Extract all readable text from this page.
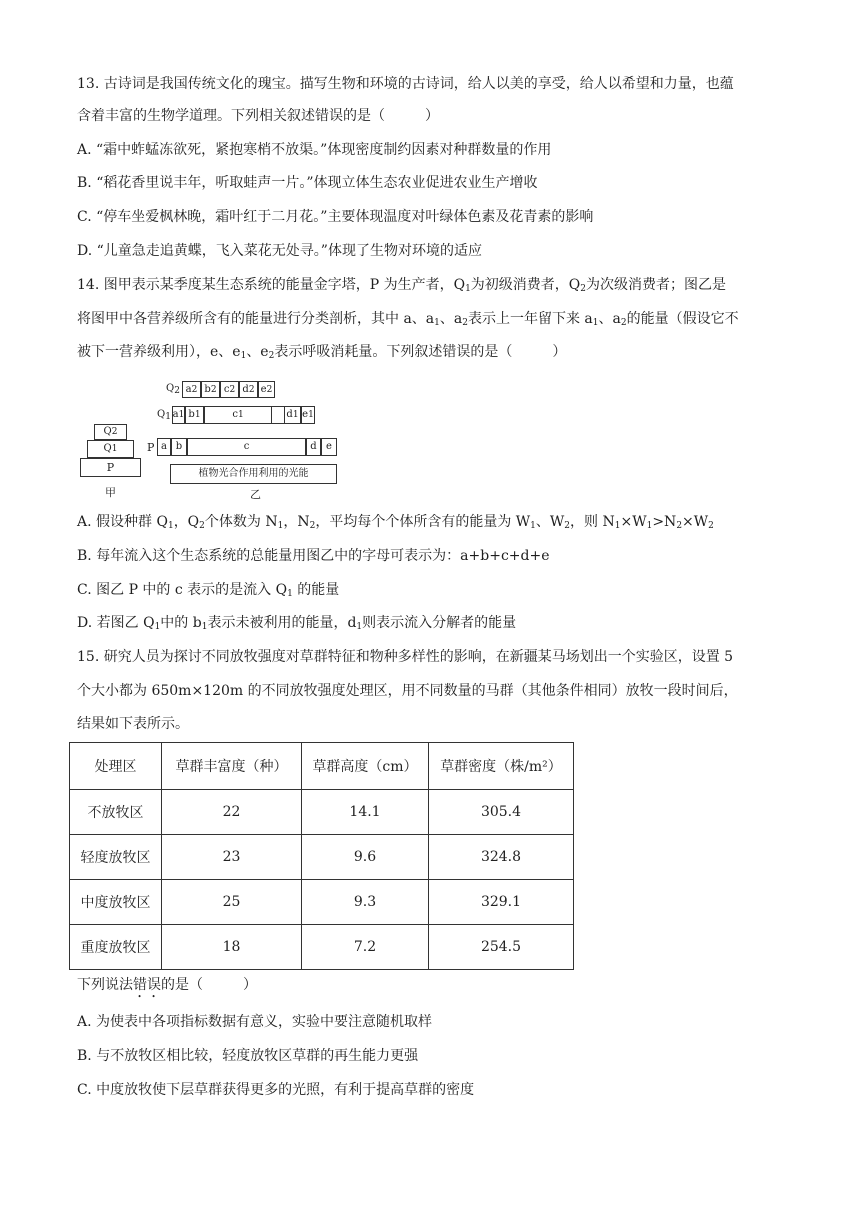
13. 古诗词是我国传统文化的瑰宝。描写生物和环境的古诗词，给人以美的享受，给人以希望和力量，也蕴
含着丰富的生物学道理。下列相关叙述错误的是（	）
A. “霜中蚱蜢冻欲死，紧抱寒梢不放渠。”体现密度制约因素对种群数量的作用
B. “稻花香里说丰年，听取蛙声一片。”体现立体生态农业促进农业生产增收
C. “停车坐爱枫林晚，霜叶红于二月花。”主要体现温度对叶绿体色素及花青素的影响
D. “儿童急走追黄蝶，飞入菜花无处寻。”体现了生物对环境的适应
14. 图甲表示某季度某生态系统的能量金字塔，P 为生产者，$Q_1$为初级消费者，$Q_2$为次级消费者；图乙是
将图甲中各营养级所含有的能量进行分类剖析，其中 a、$a_1$、$a_2$表示上一年留下来 $a_1$、$a_2$的能量（假设它不
被下一营养级利用），e、$e_1$、$e_2$表示呼吸消耗量。下列叙述错误的是（	）
Q 2
Q 1
P
甲
$Q_2$ a 2 b 2 c 2 d 2 e 2
$Q_1$ a 1 b 1	c 1	d 1 e 1
P a b	c	d e
植物光合作用利用的光能
乙
A. 假设种群 $Q_1$，$Q_2$个体数为 $N_1$，$N_2$，平均每个个体所含有的能量为 $W_1$、$W_2$，则 $N_1\times W_1>N_2\times W_2$
B. 每年流入这个生态系统的总能量用图乙中的字母可表示为：a+b+c+d+e
C. 图乙 P 中的 c 表示的是流入 $Q_1$ 的能量
D. 若图乙 $Q_1$中的 $b_1$表示未被利用的能量，$d_1$则表示流入分解者的能量
15. 研究人员为探讨不同放牧强度对草群特征和物种多样性的影响，在新疆某马场划出一个实验区，设置 5
个大小都为 650m×120m 的不同放牧强度处理区，用不同数量的马群（其他条件相同）放牧一段时间后，
结果如下表所示。
处理区	草群丰富度（种）	草群高度（cm）	草群密度（株/m²）
不放牧区	22	14.1	305.4
轻度放牧区	23	9.6	324.8
中度放牧区	25	9.3	329.1
重度放牧区	18	7.2	254.5
下列说法错误的是（	）
A. 为使表中各项指标数据有意义，实验中要注意随机取样
B. 与不放牧区相比较，轻度放牧区草群的再生能力更强
C. 中度放牧使下层草群获得更多的光照，有利于提高草群的密度
